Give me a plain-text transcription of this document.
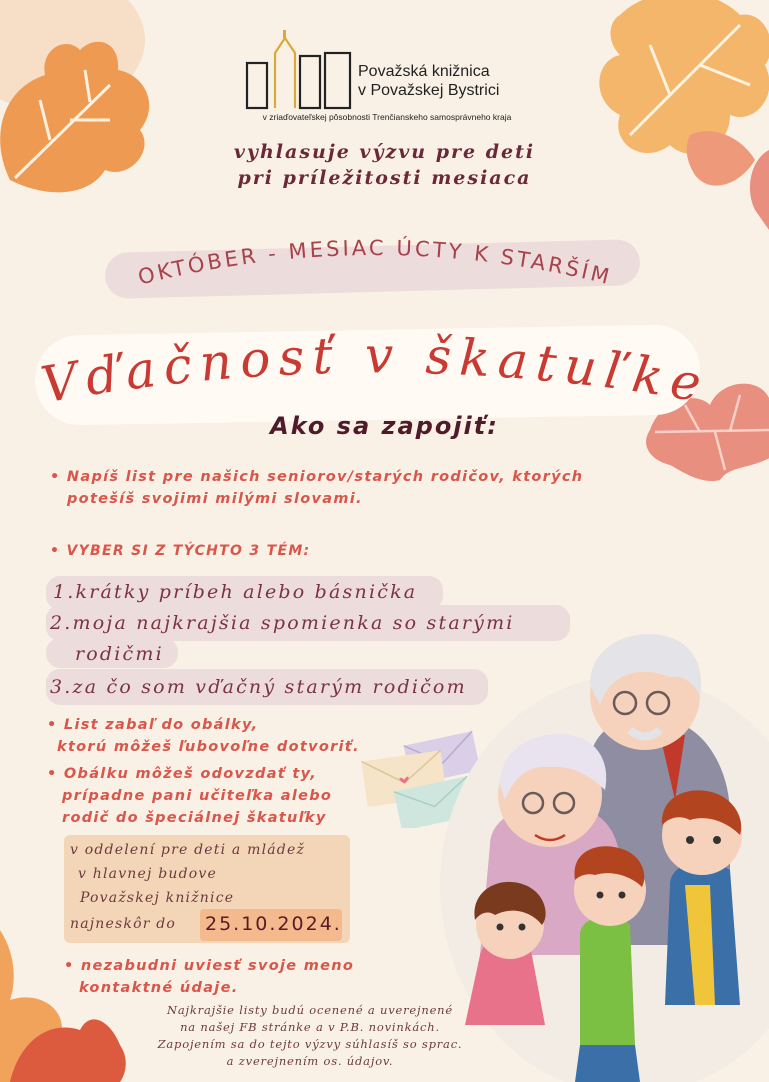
Považská knižnica
v Považskej Bystrici
v zriaďovateľskej pôsobnosti Trenčianskeho samosprávneho kraja
vyhlasuje výzvu pre deti
pri príležitosti mesiaca
OKTÓBER - MESIAC ÚCTY K STARŠÍM
Vďačnosť v škatuľke
Ako sa zapojiť:
• Napíš list pre našich seniorov/starých rodičov, ktorých
potešíš svojimi milými slovami.
• VYBER SI Z TÝCHTO 3 TÉM:
1.krátky príbeh alebo básnička
2.moja najkrajšia spomienka so starými
rodičmi
3.za čo som vďačný starým rodičom
• List zabaľ do obálky,
ktorú môžeš ľubovoľne dotvoriť.
• Obálku môžeš odovzdať ty,
prípadne pani učiteľka alebo
rodič do špeciálnej škatuľky
v oddelení pre deti a mládež
v hlavnej budove
Považskej knižnice
najneskôr do 25.10.2024.
• nezabudni uviesť svoje meno
kontaktné údaje.
Najkrajšie listy budú ocenené a uverejnené
na našej FB stránke a v P.B. novinkách.
Zapojením sa do tejto výzvy súhlasíš so sprac.
a zverejnením os. údajov.
